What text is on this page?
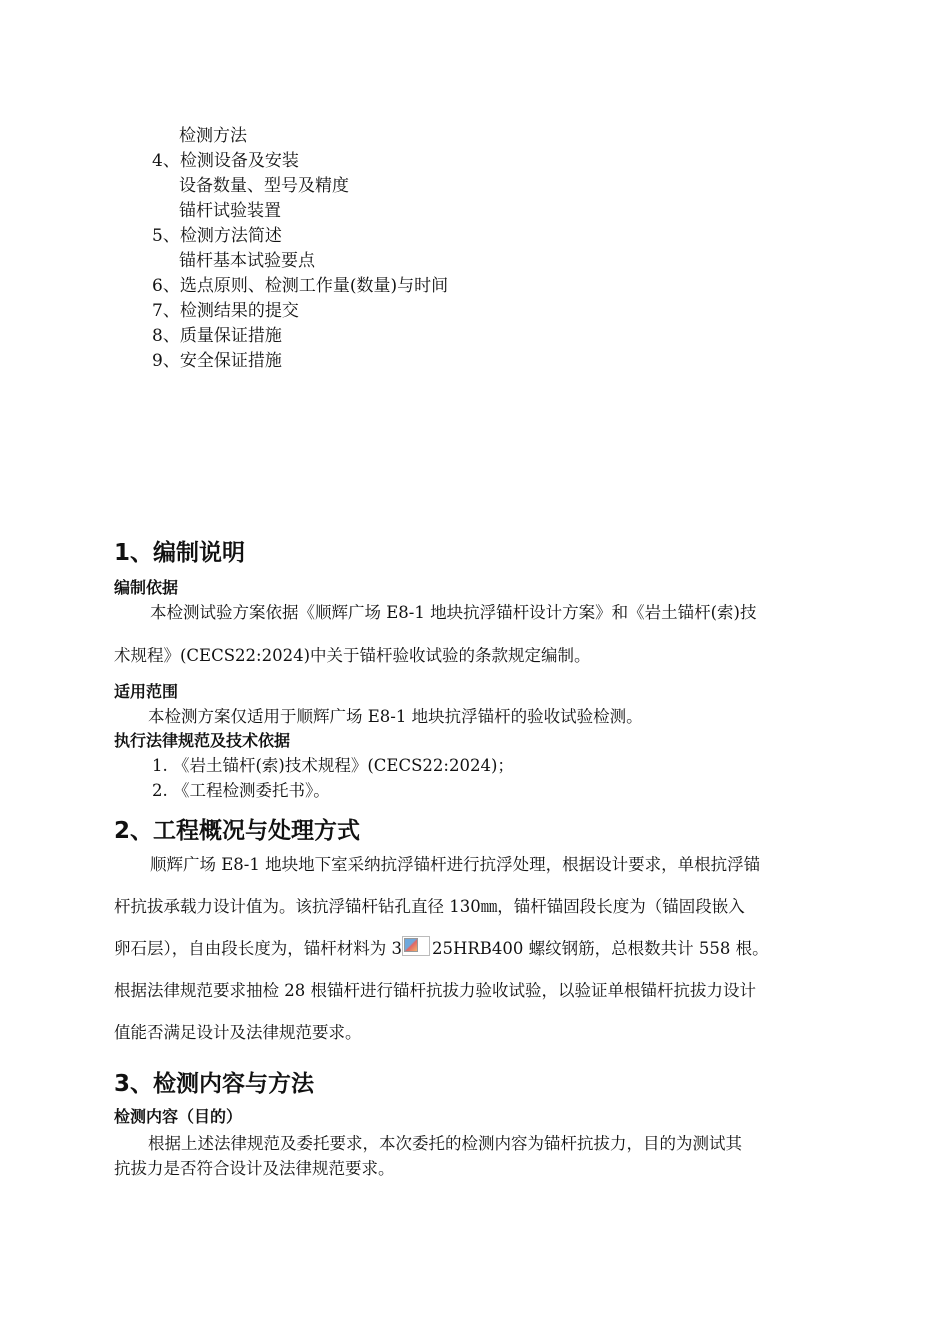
检测方法
4、检测设备及安装
设备数量、型号及精度
锚杆试验装置
5、检测方法简述
锚杆基本试验要点
6、选点原则、检测工作量(数量)与时间
7、检测结果的提交
8、质量保证措施
9、安全保证措施
1、编制说明
编制依据
本检测试验方案依据《顺辉广场 E8-1 地块抗浮锚杆设计方案》和《岩土锚杆(索)技
术规程》(CECS22:2024)中关于锚杆验收试验的条款规定编制。
适用范围
本检测方案仅适用于顺辉广场 E8-1 地块抗浮锚杆的验收试验检测。
执行法律规范及技术依据
1. 《岩土锚杆(索)技术规程》(CECS22:2024)；
2. 《工程检测委托书》。
2、工程概况与处理方式
顺辉广场 E8-1 地块地下室采纳抗浮锚杆进行抗浮处理，根据设计要求，单根抗浮锚
杆抗拔承载力设计值为。该抗浮锚杆钻孔直径 130㎜，锚杆锚固段长度为（锚固段嵌入
卵石层），自由段长度为，锚杆材料为 3 25HRB400 螺纹钢筋，总根数共计 558 根。
根据法律规范要求抽检 28 根锚杆进行锚杆抗拔力验收试验，以验证单根锚杆抗拔力设计
值能否满足设计及法律规范要求。
3、检测内容与方法
检测内容（目的）
根据上述法律规范及委托要求，本次委托的检测内容为锚杆抗拔力，目的为测试其
抗拔力是否符合设计及法律规范要求。
